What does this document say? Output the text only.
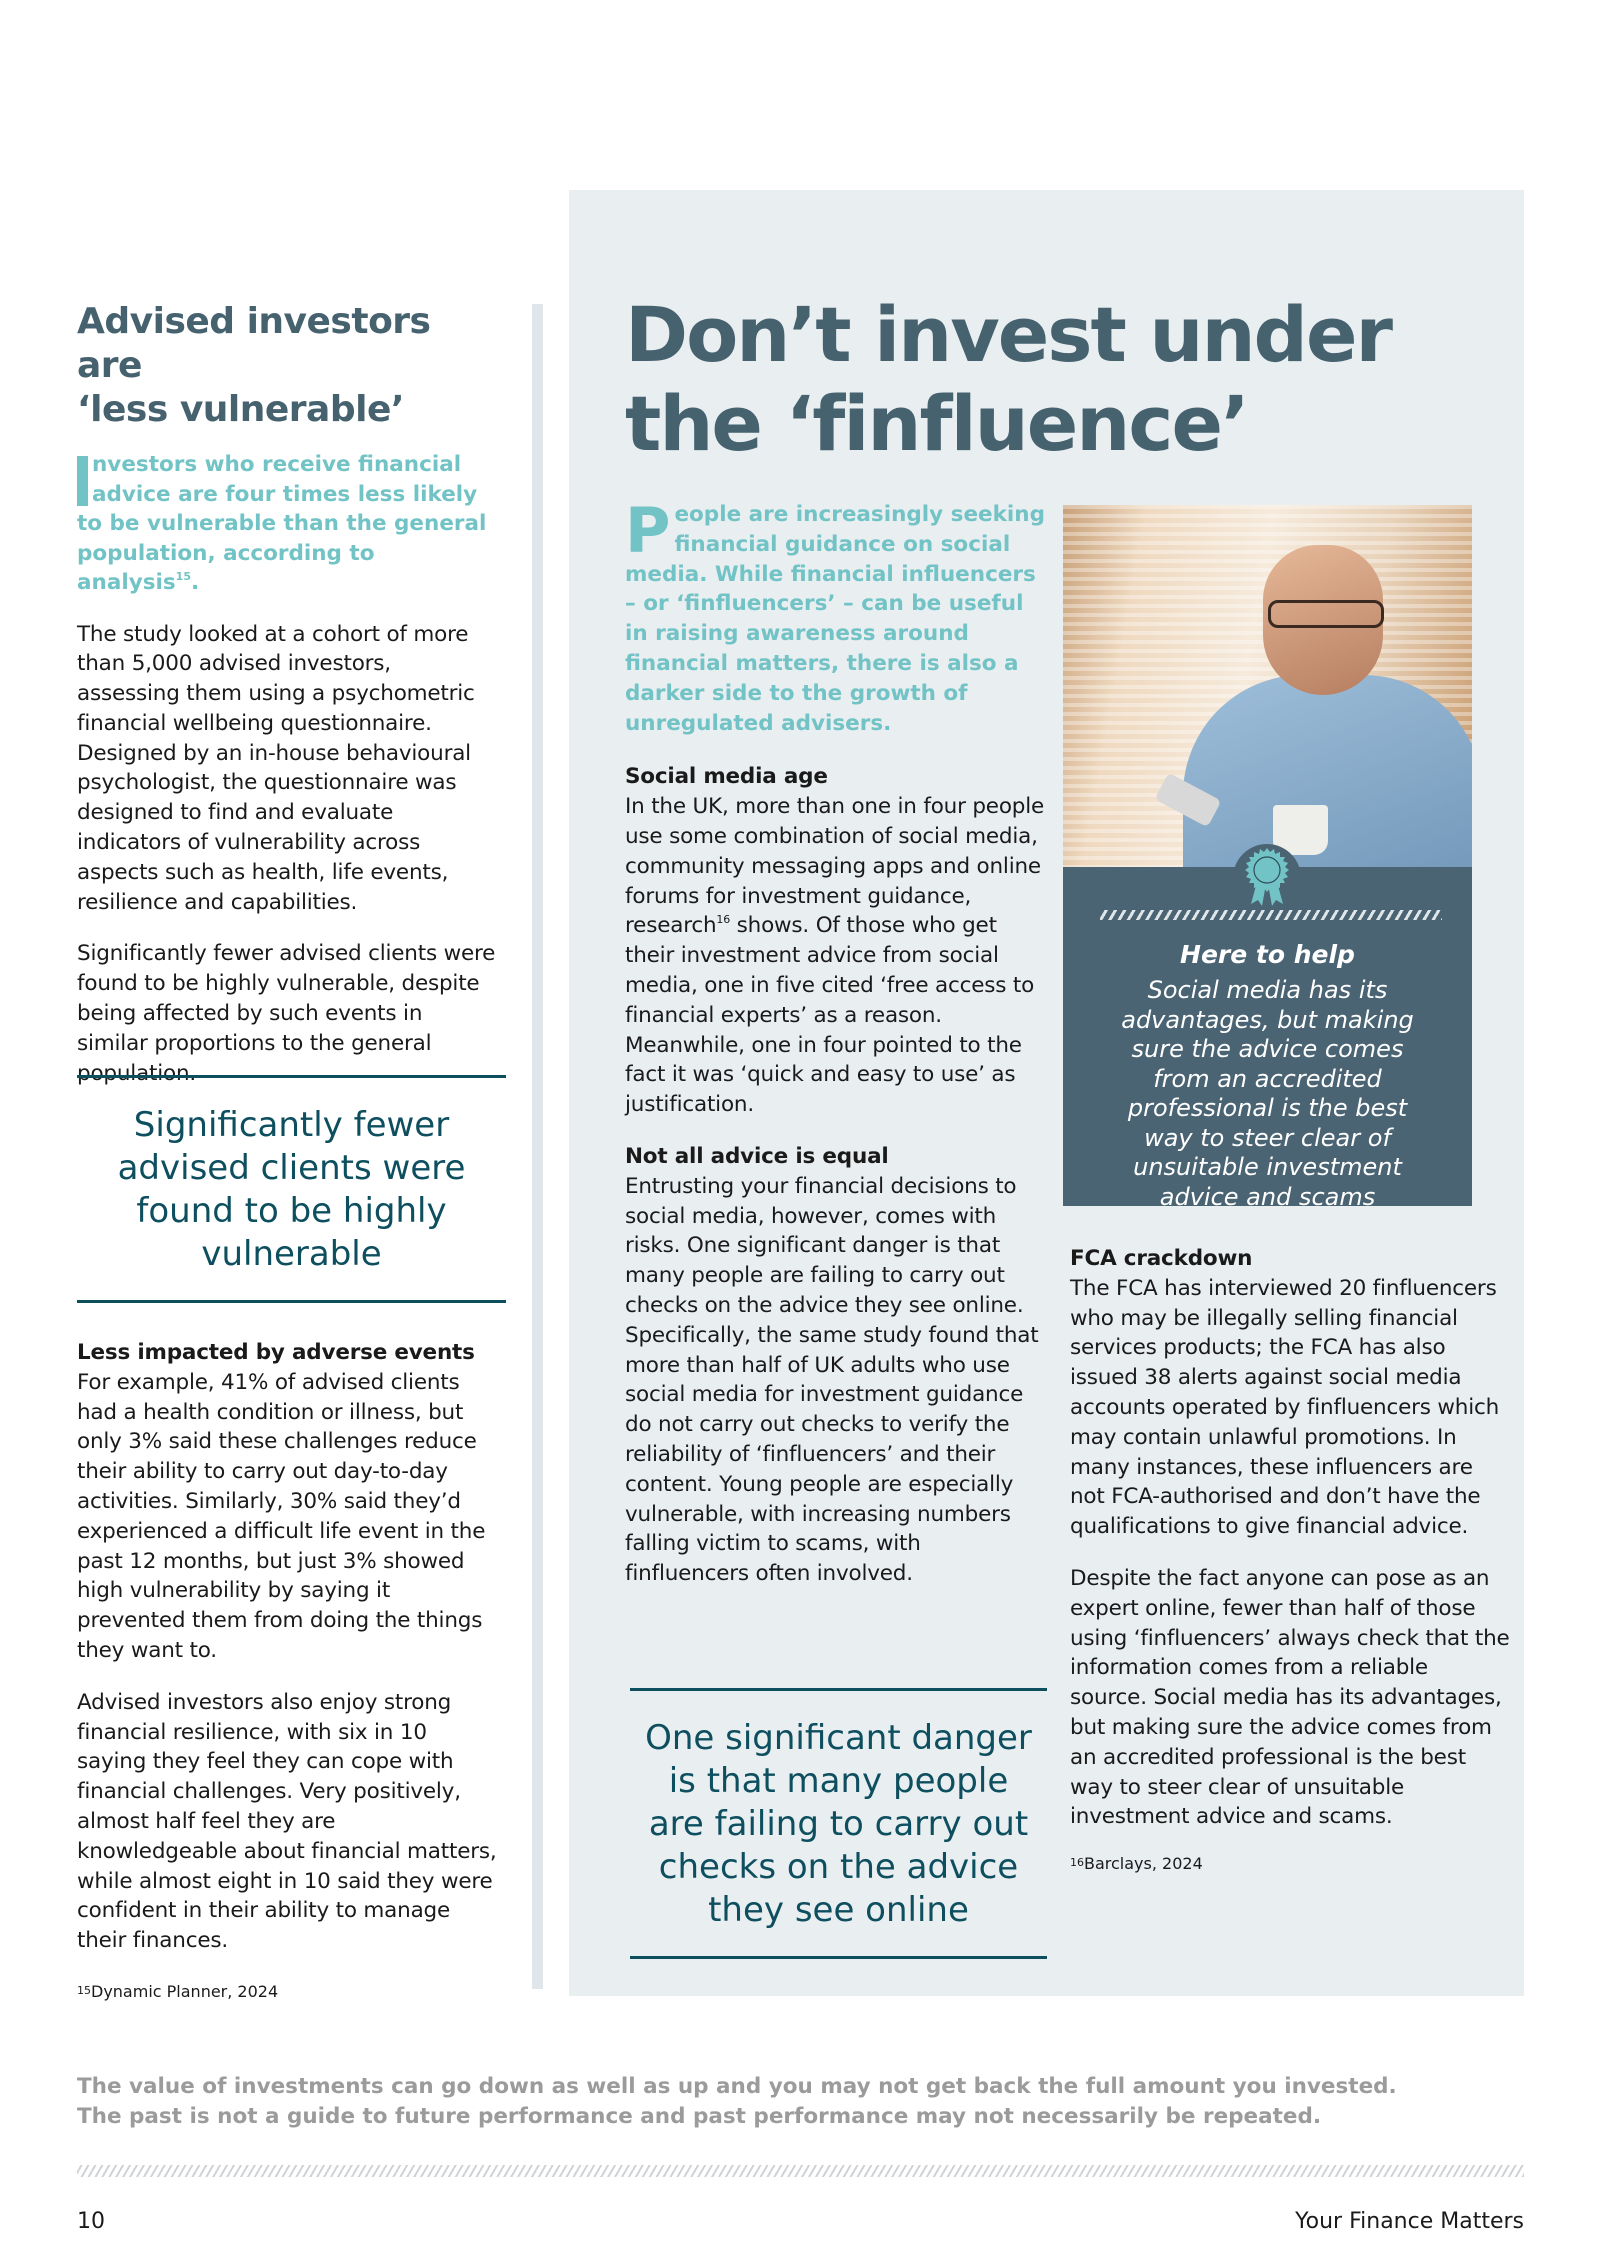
Advised investors are
‘less vulnerable’

nvestors who receive financial advice are four times less likely to be vulnerable than the general population, according to analysis$^{15}$.

The study looked at a cohort of more than 5,000 advised investors, assessing them using a psychometric financial wellbeing questionnaire. Designed by an in-house behavioural psychologist, the questionnaire was designed to find and evaluate indicators of vulnerability across aspects such as health, life events, resilience and capabilities.

Significantly fewer advised clients were found to be highly vulnerable, despite being affected by such events in similar proportions to the general population.

Significantly fewer advised clients were found to be highly vulnerable

Less impacted by adverse events
For example, 41% of advised clients had a health condition or illness, but only 3% said these challenges reduce their ability to carry out day-to-day activities. Similarly, 30% said they’d experienced a difficult life event in the past 12 months, but just 3% showed high vulnerability by saying it prevented them from doing the things they want to.

Advised investors also enjoy strong financial resilience, with six in 10 saying they feel they can cope with financial challenges. Very positively, almost half feel they are knowledgeable about financial matters, while almost eight in 10 said they were confident in their ability to manage their finances.

$^{15}$Dynamic Planner, 2024

Don’t invest under
the ‘finfluence’

People are increasingly seeking financial guidance on social media. While financial influencers – or ‘finfluencers’ – can be useful in raising awareness around financial matters, there is also a darker side to the growth of unregulated advisers.

Social media age
In the UK, more than one in four people use some combination of social media, community messaging apps and online forums for investment guidance, research$^{16}$ shows. Of those who get their investment advice from social media, one in five cited ‘free access to financial experts’ as a reason. Meanwhile, one in four pointed to the fact it was ‘quick and easy to use’ as justification.

Not all advice is equal
Entrusting your financial decisions to social media, however, comes with risks. One significant danger is that many people are failing to carry out checks on the advice they see online. Specifically, the same study found that more than half of UK adults who use social media for investment guidance do not carry out checks to verify the reliability of ‘finfluencers’ and their content. Young people are especially vulnerable, with increasing numbers falling victim to scams, with finfluencers often involved.

One significant danger is that many people are failing to carry out checks on the advice they see online
Here to help
Social media has its advantages, but making sure the advice comes from an accredited professional is the best way to steer clear of unsuitable investment advice and scams

FCA crackdown
The FCA has interviewed 20 finfluencers who may be illegally selling financial services products; the FCA has also issued 38 alerts against social media accounts operated by finfluencers which may contain unlawful promotions. In many instances, these influencers are not FCA-authorised and don’t have the qualifications to give financial advice.

Despite the fact anyone can pose as an expert online, fewer than half of those using ‘finfluencers’ always check that the information comes from a reliable source. Social media has its advantages, but making sure the advice comes from an accredited professional is the best way to steer clear of unsuitable investment advice and scams.

$^{16}$Barclays, 2024

The value of investments can go down as well as up and you may not get back the full amount you invested.
The past is not a guide to future performance and past performance may not necessarily be repeated.
10	Your Finance Matters
